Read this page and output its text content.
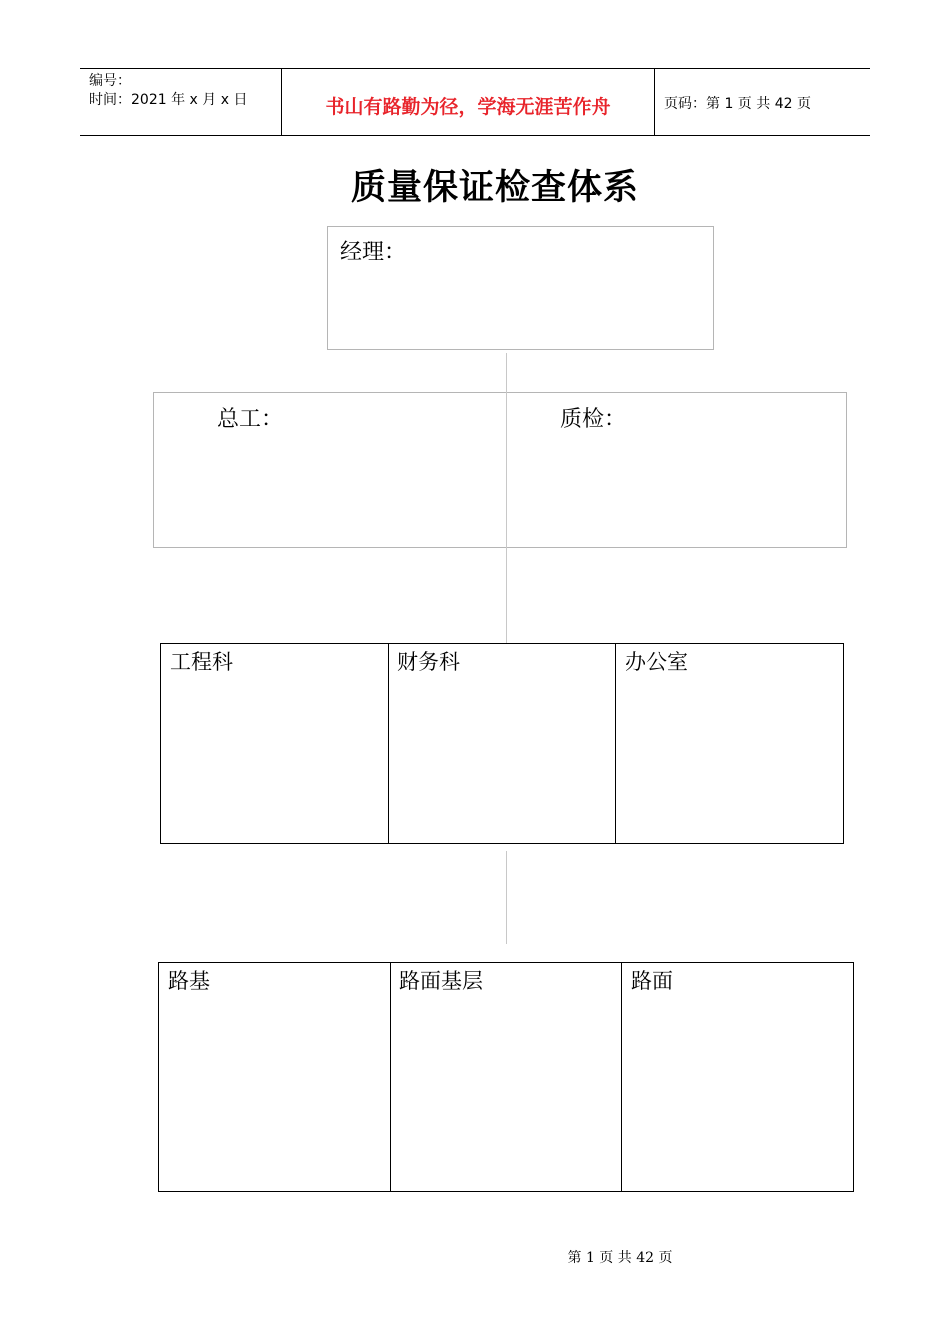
编号：
时间：2021 年 x 月 x 日	书山有路勤为径，学海无涯苦作舟	页码：第 1 页 共 42 页
质量保证检查体系
经理：
总工：	质检：
工程科	财务科	办公室
路基	路面基层	路面
第 1 页 共 42 页
